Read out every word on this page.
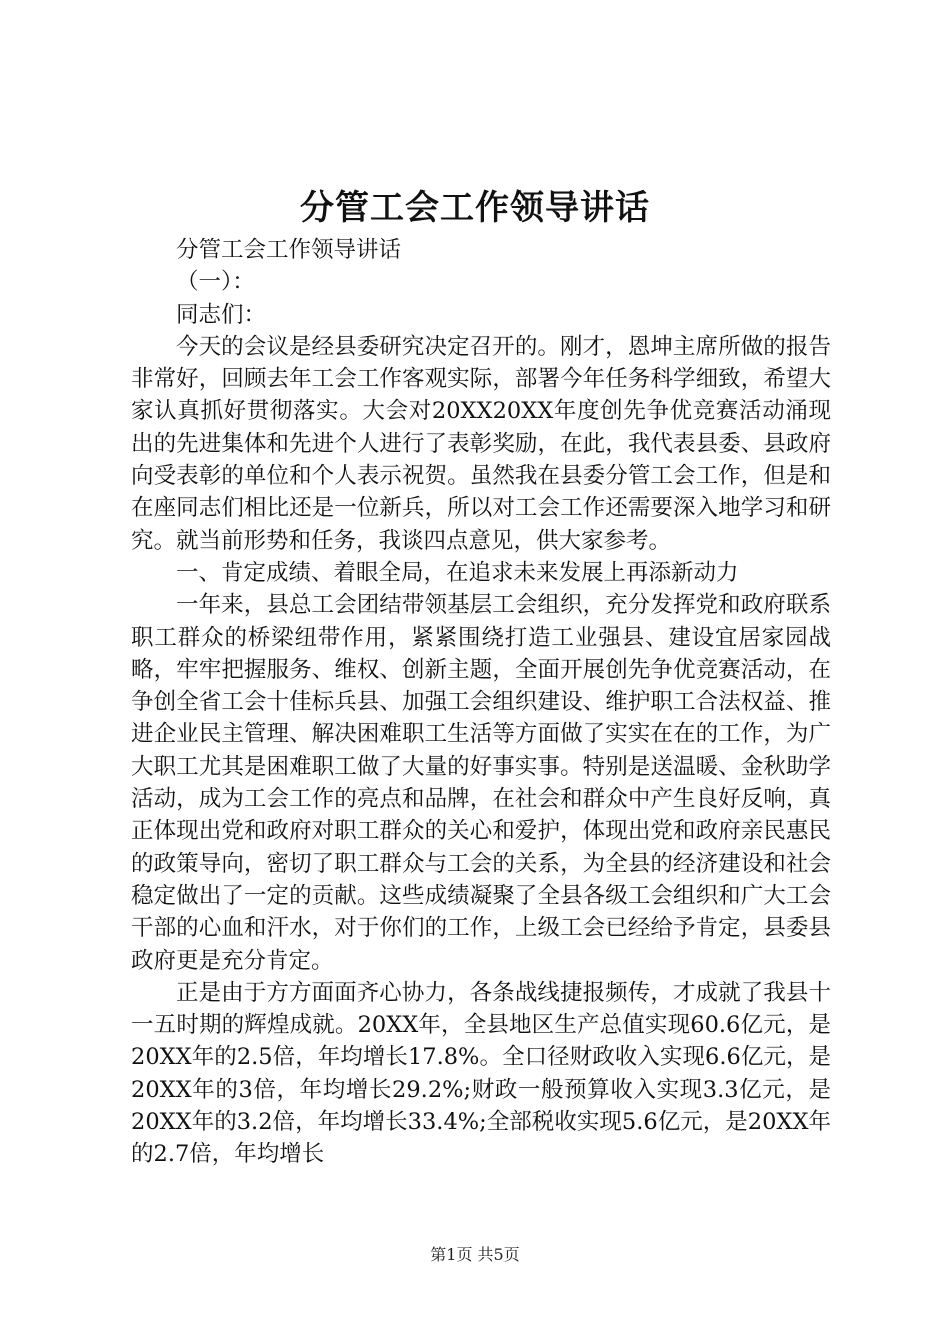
分管工会工作领导讲话

分管工会工作领导讲话

（一）：

同志们：

今天的会议是经县委研究决定召开的。刚才，恩坤主席所做的报告非常好，回顾去年工会工作客观实际，部署今年任务科学细致，希望大家认真抓好贯彻落实。大会对20XX20XX年度创先争优竞赛活动涌现出的先进集体和先进个人进行了表彰奖励，在此，我代表县委、县政府向受表彰的单位和个人表示祝贺。虽然我在县委分管工会工作，但是和在座同志们相比还是一位新兵，所以对工会工作还需要深入地学习和研究。就当前形势和任务，我谈四点意见，供大家参考。

一、肯定成绩、着眼全局，在追求未来发展上再添新动力

一年来，县总工会团结带领基层工会组织，充分发挥党和政府联系职工群众的桥梁纽带作用，紧紧围绕打造工业强县、建设宜居家园战略，牢牢把握服务、维权、创新主题，全面开展创先争优竞赛活动，在争创全省工会十佳标兵县、加强工会组织建设、维护职工合法权益、推进企业民主管理、解决困难职工生活等方面做了实实在在的工作，为广大职工尤其是困难职工做了大量的好事实事。特别是送温暖、金秋助学活动，成为工会工作的亮点和品牌，在社会和群众中产生良好反响，真正体现出党和政府对职工群众的关心和爱护，体现出党和政府亲民惠民的政策导向，密切了职工群众与工会的关系，为全县的经济建设和社会稳定做出了一定的贡献。这些成绩凝聚了全县各级工会组织和广大工会干部的心血和汗水，对于你们的工作，上级工会已经给予肯定，县委县政府更是充分肯定。

正是由于方方面面齐心协力，各条战线捷报频传，才成就了我县十一五时期的辉煌成就。20XX年，全县地区生产总值实现60.6亿元，是20XX年的2.5倍，年均增长17.8%。全口径财政收入实现6.6亿元，是20XX年的3倍，年均增长29.2%;财政一般预算收入实现3.3亿元，是20XX年的3.2倍，年均增长33.4%;全部税收实现5.6亿元，是20XX年的2.7倍，年均增长

第1页 共5页
